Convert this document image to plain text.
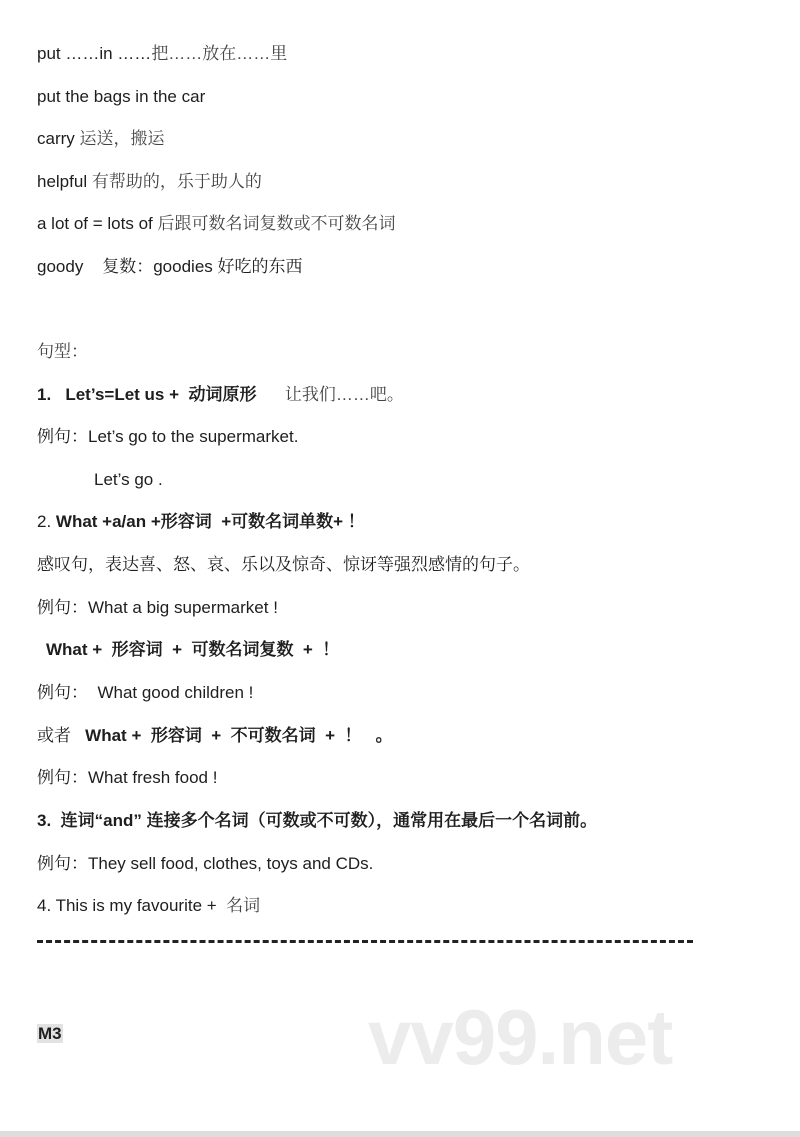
put ……in ……把……放在……里
put the bags in the car
carry 运送，搬运
helpful 有帮助的，乐于助人的
a lot of = lots of 后跟可数名词复数或不可数名词
goody    复数：goodies 好吃的东西
句型：
1.   Let’s=Let us +  动词原形      让我们……吧。
例句：Let’s go to the supermarket.
Let’s go .
2. What +a/an +形容词  +可数名词单数+ ！
感叹句，表达喜、怒、哀、乐以及惊奇、惊讶等强烈感情的句子。
例句：What a big supermarket !
What +  形容词  +  可数名词复数  +  ！
例句：  What good children !
或者   What +  形容词  +  不可数名词  +  ！   。
例句：What fresh food !
3.  连词“and” 连接多个名词（可数或不可数），通常用在最后一个名词前。
例句：They sell food, clothes, toys and CDs.
4. This is my favourite +  名词
vv99.net
M3
